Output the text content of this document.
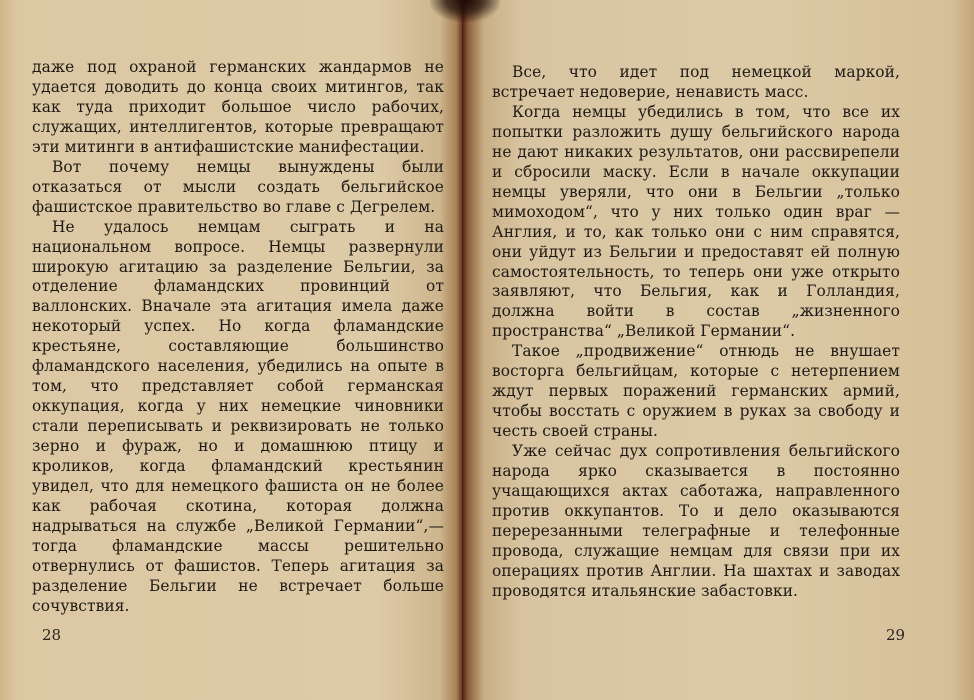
даже под охраной германских жандармов не удается доводить до конца своих митингов, так как туда приходит большое число рабочих, служащих, интеллигентов, которые превращают эти митинги в антифашистские манифестации.

Вот почему немцы вынуждены были отказаться от мысли создать бельгийское фашистское правительство во главе с Дегрелем.

Не удалось немцам сыграть и на национальном вопросе. Немцы развернули широкую агитацию за разделение Бельгии, за отделение фламандских провинций от валлонских. Вначале эта агитация имела даже некоторый успех. Но когда фламандские крестьяне, составляющие большинство фламандского населения, убедились на опыте в том, что представляет собой германская оккупация, когда у них немецкие чиновники стали переписывать и реквизировать не только зерно и фураж, но и домашнюю птицу и кроликов, когда фламандский крестьянин увидел, что для немецкого фашиста он не более как рабочая скотина, которая должна надрываться на службе „Великой Германии“,— тогда фламандские массы решительно отвернулись от фашистов. Теперь агитация за разделение Бельгии не встречает больше сочувствия.

28

Все, что идет под немецкой маркой, встречает недоверие, ненависть масс.

Когда немцы убедились в том, что все их попытки разложить душу бельгийского народа не дают никаких результатов, они рассвирепели и сбросили маску. Если в начале оккупации немцы уверяли, что они в Бельгии „только мимоходом“, что у них только один враг — Англия, и то, как только они с ним справятся, они уйдут из Бельгии и предоставят ей полную самостоятельность, то теперь они уже открыто заявляют, что Бельгия, как и Голландия, должна войти в состав „жизненного пространства“ „Великой Германии“.

Такое „продвижение“ отнюдь не внушает восторга бельгийцам, которые с нетерпением ждут первых поражений германских армий, чтобы восстать с оружием в руках за свободу и честь своей страны.

Уже сейчас дух сопротивления бельгийского народа ярко сказывается в постоянно учащающихся актах саботажа, направленного против оккупантов. То и дело оказываются перерезанными телеграфные и телефонные провода, служащие немцам для связи при их операциях против Англии. На шахтах и заводах проводятся итальянские забастовки.

29
